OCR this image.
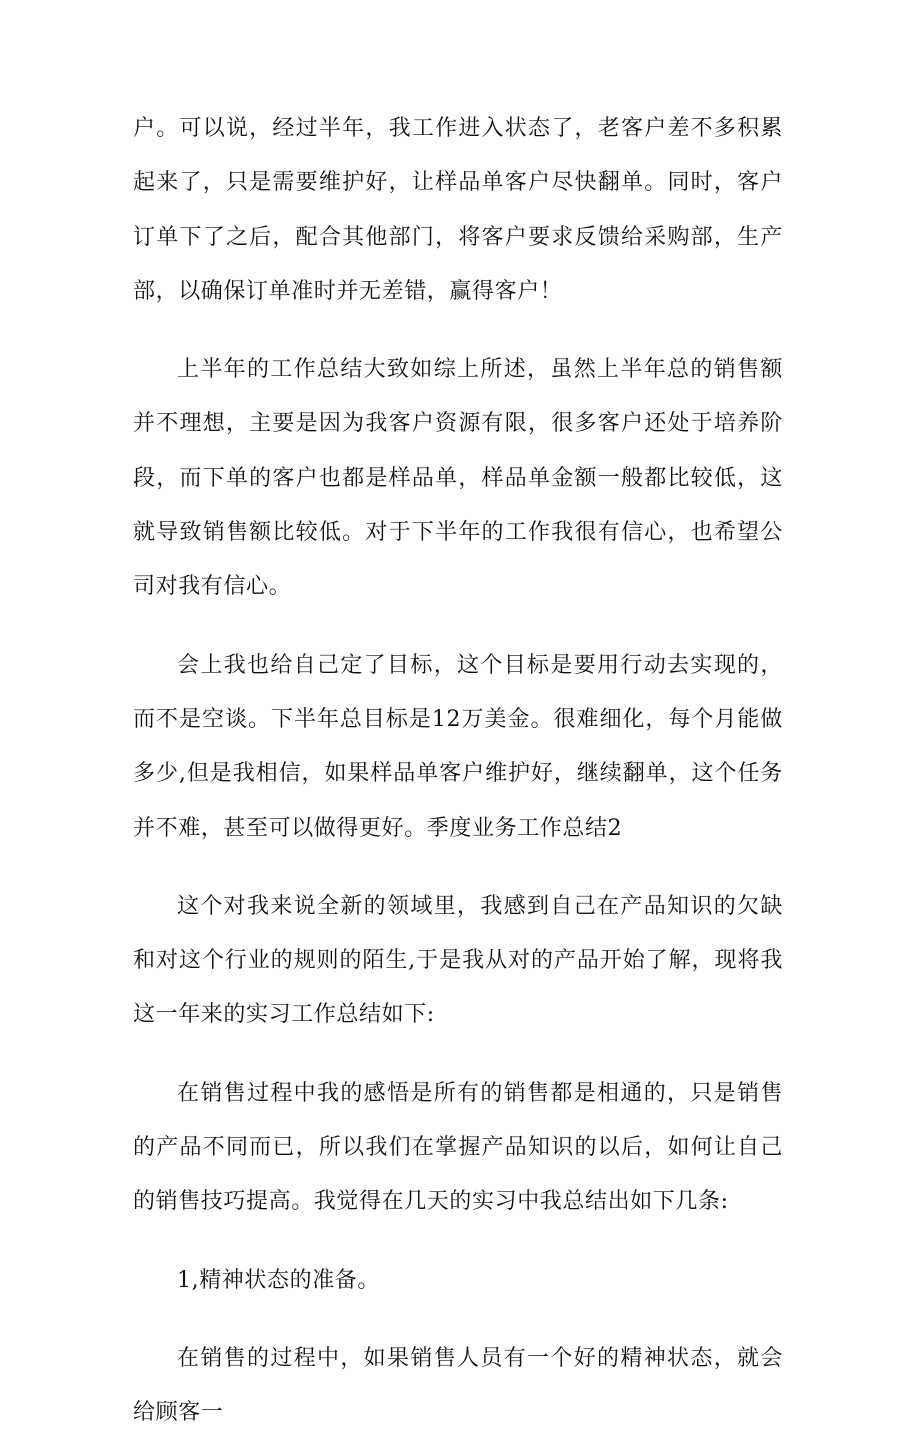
户。可以说，经过半年，我工作进入状态了，老客户差不多积累起来了，只是需要维护好，让样品单客户尽快翻单。同时，客户订单下了之后，配合其他部门，将客户要求反馈给采购部，生产部，以确保订单准时并无差错，赢得客户！

上半年的工作总结大致如综上所述，虽然上半年总的销售额并不理想，主要是因为我客户资源有限，很多客户还处于培养阶段，而下单的客户也都是样品单，样品单金额一般都比较低，这就导致销售额比较低。对于下半年的工作我很有信心，也希望公司对我有信心。

会上我也给自己定了目标，这个目标是要用行动去实现的，而不是空谈。下半年总目标是12万美金。很难细化，每个月能做多少,但是我相信，如果样品单客户维护好，继续翻单，这个任务并不难，甚至可以做得更好。季度业务工作总结2

这个对我来说全新的领域里，我感到自己在产品知识的欠缺和对这个行业的规则的陌生,于是我从对的产品开始了解，现将我这一年来的实习工作总结如下:

在销售过程中我的感悟是所有的销售都是相通的，只是销售的产品不同而已，所以我们在掌握产品知识的以后，如何让自己的销售技巧提高。我觉得在几天的实习中我总结出如下几条:

1,精神状态的准备。

在销售的过程中，如果销售人员有一个好的精神状态，就会给顾客一
